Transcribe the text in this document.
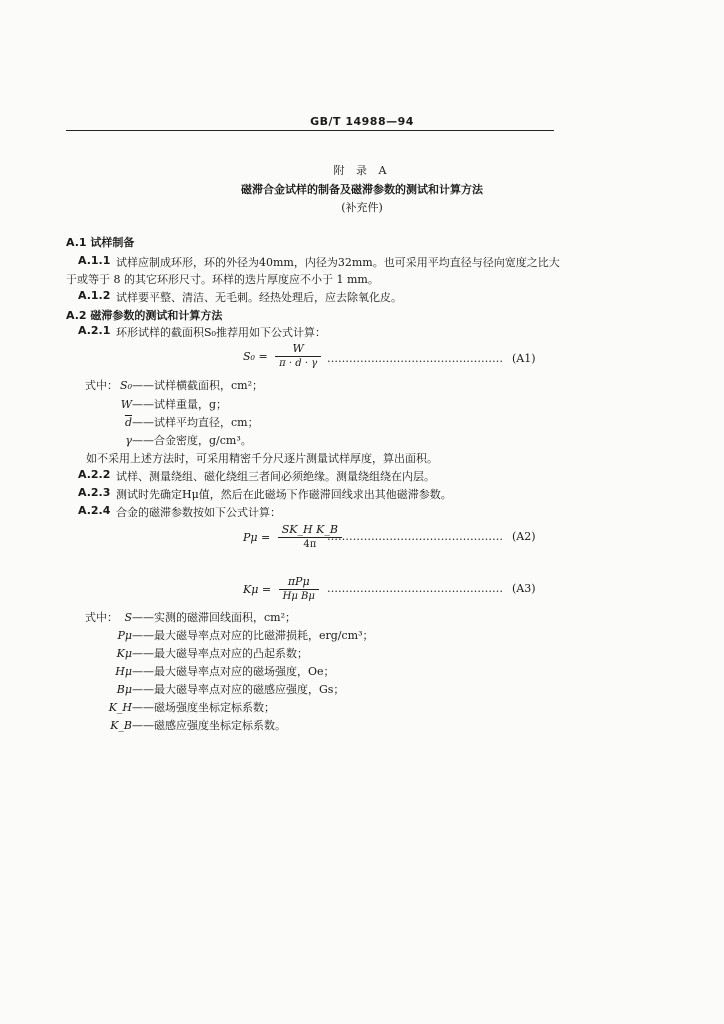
GB/T 14988—94
附 录 A
磁滞合金试样的制备及磁滞参数的测试和计算方法
(补充件)
A.1 试样制备
A.1.1 试样应制成环形，环的外径为40mm，内径为32mm。也可采用平均直径与径向宽度之比大
于或等于 8 的其它环形尺寸。环样的迭片厚度应不小于 1 mm。
A.1.2 试样要平整、清洁、无毛刺。经热处理后，应去除氧化皮。
A.2 磁滞参数的测试和计算方法
A.2.1 环形试样的截面积S₀推荐用如下公式计算：
$S_0 = \frac{W}{\pi \cdot d \cdot \gamma}$ ………………………………………… (A1)
式中： S₀——试样横截面积，cm²；
W——试样重量，g；
$\overline{d}——$试样平均直径，cm；
γ——合金密度，g/cm³。
如不采用上述方法时，可采用精密千分尺逐片测量试样厚度，算出面积。
A.2.2 试样、测量绕组、磁化绕组三者间必须绝缘。测量绕组绕在内层。
A.2.3 测试时先确定Hμ值，然后在此磁场下作磁滞回线求出其他磁滞参数。
A.2.4 合金的磁滞参数按如下公式计算：
$P\mu = \frac{\text{SK\_H K\_B}}{4\pi}$
………………………………………… (A2)
$K\mu = \frac{\text{πPμ}}{\text{Hμ Bμ}}$ ………………………………………… (A3)
式中： S——实测的磁滞回线面积，cm²；
Pμ——最大磁导率点对应的比磁滞损耗，erg/cm³；
Kμ——最大磁导率点对应的凸起系数；
Hμ——最大磁导率点对应的磁场强度，Oe；
Bμ——最大磁导率点对应的磁感应强度，Gs；
K_H——磁场强度坐标定标系数；
K_B——磁感应强度坐标定标系数。
